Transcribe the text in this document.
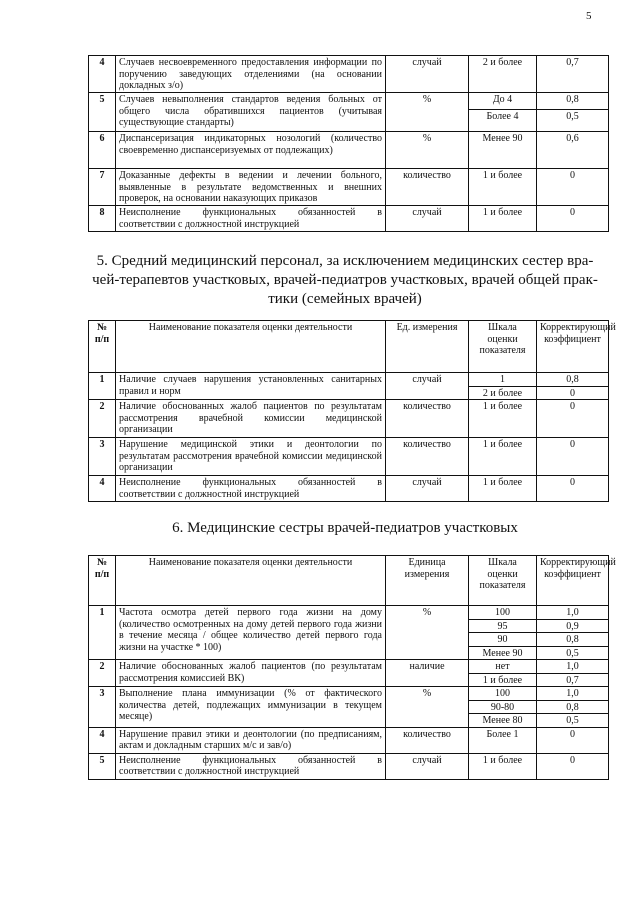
5
4	Случаев несвоевременного предоставления информации по поручению заведующих отделениями (на основании докладных з/о)	случай	2 и более	0,7
5	Случаев невыполнения стандартов ведения больных от общего числа обратившихся пациентов (учитывая существующие стандарты)	%	До 4	0,8
			Более 4	0,5
6	Диспансеризация индикаторных нозологий (количество своевременно диспансеризуемых от подлежащих)	%	Менее 90	0,6
7	Доказанные дефекты в ведении и лечении больного, выявленные в результате ведомственных и внешних проверок, на основании наказующих приказов	количество	1 и более	0
8	Неисполнение функциональных обязанностей в соответствии с должностной инструкцией	случай	1 и более	0
5. Средний медицинский персонал, за исключением медицинских сестер вра-
чей-терапевтов участковых, врачей-педиатров участковых, врачей общей прак-
тики (семейных врачей)
№ п/п	Наименование показателя оценки деятельности	Ед. измерения	Шкала оценки показателя	Корректирующий коэффициент
1	Наличие случаев нарушения установленных санитарных правил и норм	случай	1	0,8
			2 и более	0
2	Наличие обоснованных жалоб пациентов по результатам рассмотрения врачебной комиссии медицинской организации	количество	1 и более	0
3	Нарушение медицинской этики и деонтологии по результатам рассмотрения врачебной комиссии медицинской организации	количество	1 и более	0
4	Неисполнение функциональных обязанностей в соответствии с должностной инструкцией	случай	1 и более	0
6. Медицинские сестры врачей-педиатров участковых
№ п/п	Наименование показателя оценки деятельности	Единица измерения	Шкала оценки показателя	Корректирующий коэффициент
1	Частота осмотра детей первого года жизни на дому (количество осмотренных на дому детей первого года жизни в течение месяца / общее количество детей первого года жизни на участке * 100)	%	100	1,0
			95	0,9
			90	0,8
			Менее 90	0,5
2	Наличие обоснованных жалоб пациентов (по результатам рассмотрения комиссией ВК)	наличие	нет	1,0
			1 и более	0,7
3	Выполнение плана иммунизации (% от фактического количества детей, подлежащих иммунизации в текущем месяце)	%	100	1,0
			90-80	0,8
			Менее 80	0,5
4	Нарушение правил этики и деонтологии (по предписаниям, актам и докладным старших м/с и зав/о)	количество	Более 1	0
5	Неисполнение функциональных обязанностей в соответствии с должностной инструкцией	случай	1 и более	0
